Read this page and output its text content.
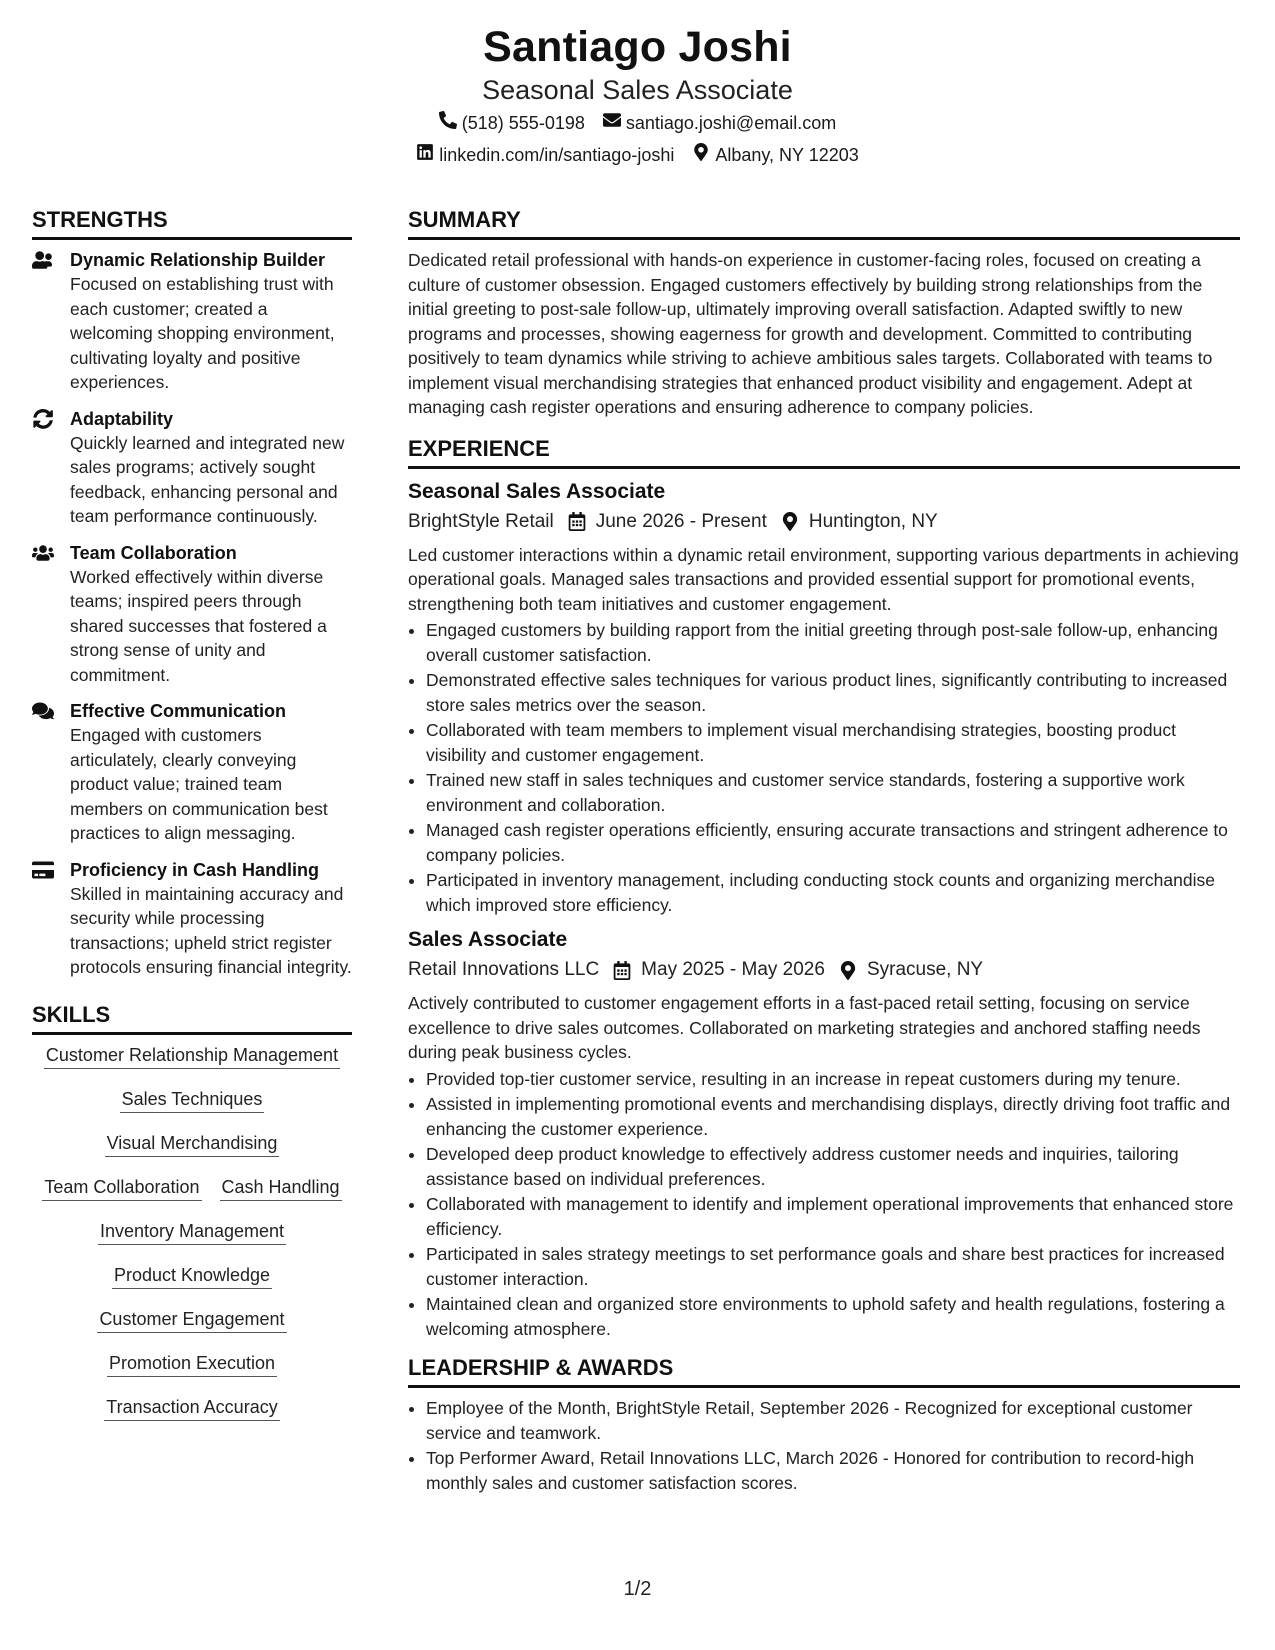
Santiago Joshi
Seasonal Sales Associate
(518) 555-0198 santiago.joshi@email.com
linkedin.com/in/santiago-joshi Albany, NY 12203
STRENGTHS
Dynamic Relationship Builder
Focused on establishing trust with each customer; created a welcoming shopping environment, cultivating loyalty and positive experiences.
Adaptability
Quickly learned and integrated new sales programs; actively sought feedback, enhancing personal and team performance continuously.
Team Collaboration
Worked effectively within diverse teams; inspired peers through shared successes that fostered a strong sense of unity and commitment.
Effective Communication
Engaged with customers articulately, clearly conveying product value; trained team members on communication best practices to align messaging.
Proficiency in Cash Handling
Skilled in maintaining accuracy and security while processing transactions; upheld strict register protocols ensuring financial integrity.
SKILLS
Customer Relationship Management
Sales Techniques
Visual Merchandising
Team Collaboration Cash Handling
Inventory Management
Product Knowledge
Customer Engagement
Promotion Execution
Transaction Accuracy
SUMMARY
Dedicated retail professional with hands-on experience in customer-facing roles, focused on creating a culture of customer obsession. Engaged customers effectively by building strong relationships from the initial greeting to post-sale follow-up, ultimately improving overall satisfaction. Adapted swiftly to new programs and processes, showing eagerness for growth and development. Committed to contributing positively to team dynamics while striving to achieve ambitious sales targets. Collaborated with teams to implement visual merchandising strategies that enhanced product visibility and engagement. Adept at managing cash register operations and ensuring adherence to company policies.
EXPERIENCE
Seasonal Sales Associate
BrightStyle Retail June 2026 - Present Huntington, NY
Led customer interactions within a dynamic retail environment, supporting various departments in achieving operational goals. Managed sales transactions and provided essential support for promotional events, strengthening both team initiatives and customer engagement.
• Engaged customers by building rapport from the initial greeting through post-sale follow-up, enhancing overall customer satisfaction.
• Demonstrated effective sales techniques for various product lines, significantly contributing to increased store sales metrics over the season.
• Collaborated with team members to implement visual merchandising strategies, boosting product visibility and customer engagement.
• Trained new staff in sales techniques and customer service standards, fostering a supportive work environment and collaboration.
• Managed cash register operations efficiently, ensuring accurate transactions and stringent adherence to company policies.
• Participated in inventory management, including conducting stock counts and organizing merchandise which improved store efficiency.
Sales Associate
Retail Innovations LLC May 2025 - May 2026 Syracuse, NY
Actively contributed to customer engagement efforts in a fast-paced retail setting, focusing on service excellence to drive sales outcomes. Collaborated on marketing strategies and anchored staffing needs during peak business cycles.
• Provided top-tier customer service, resulting in an increase in repeat customers during my tenure.
• Assisted in implementing promotional events and merchandising displays, directly driving foot traffic and enhancing the customer experience.
• Developed deep product knowledge to effectively address customer needs and inquiries, tailoring assistance based on individual preferences.
• Collaborated with management to identify and implement operational improvements that enhanced store efficiency.
• Participated in sales strategy meetings to set performance goals and share best practices for increased customer interaction.
• Maintained clean and organized store environments to uphold safety and health regulations, fostering a welcoming atmosphere.
LEADERSHIP & AWARDS
• Employee of the Month, BrightStyle Retail, September 2026 - Recognized for exceptional customer service and teamwork.
• Top Performer Award, Retail Innovations LLC, March 2026 - Honored for contribution to record-high monthly sales and customer satisfaction scores.
1/2
